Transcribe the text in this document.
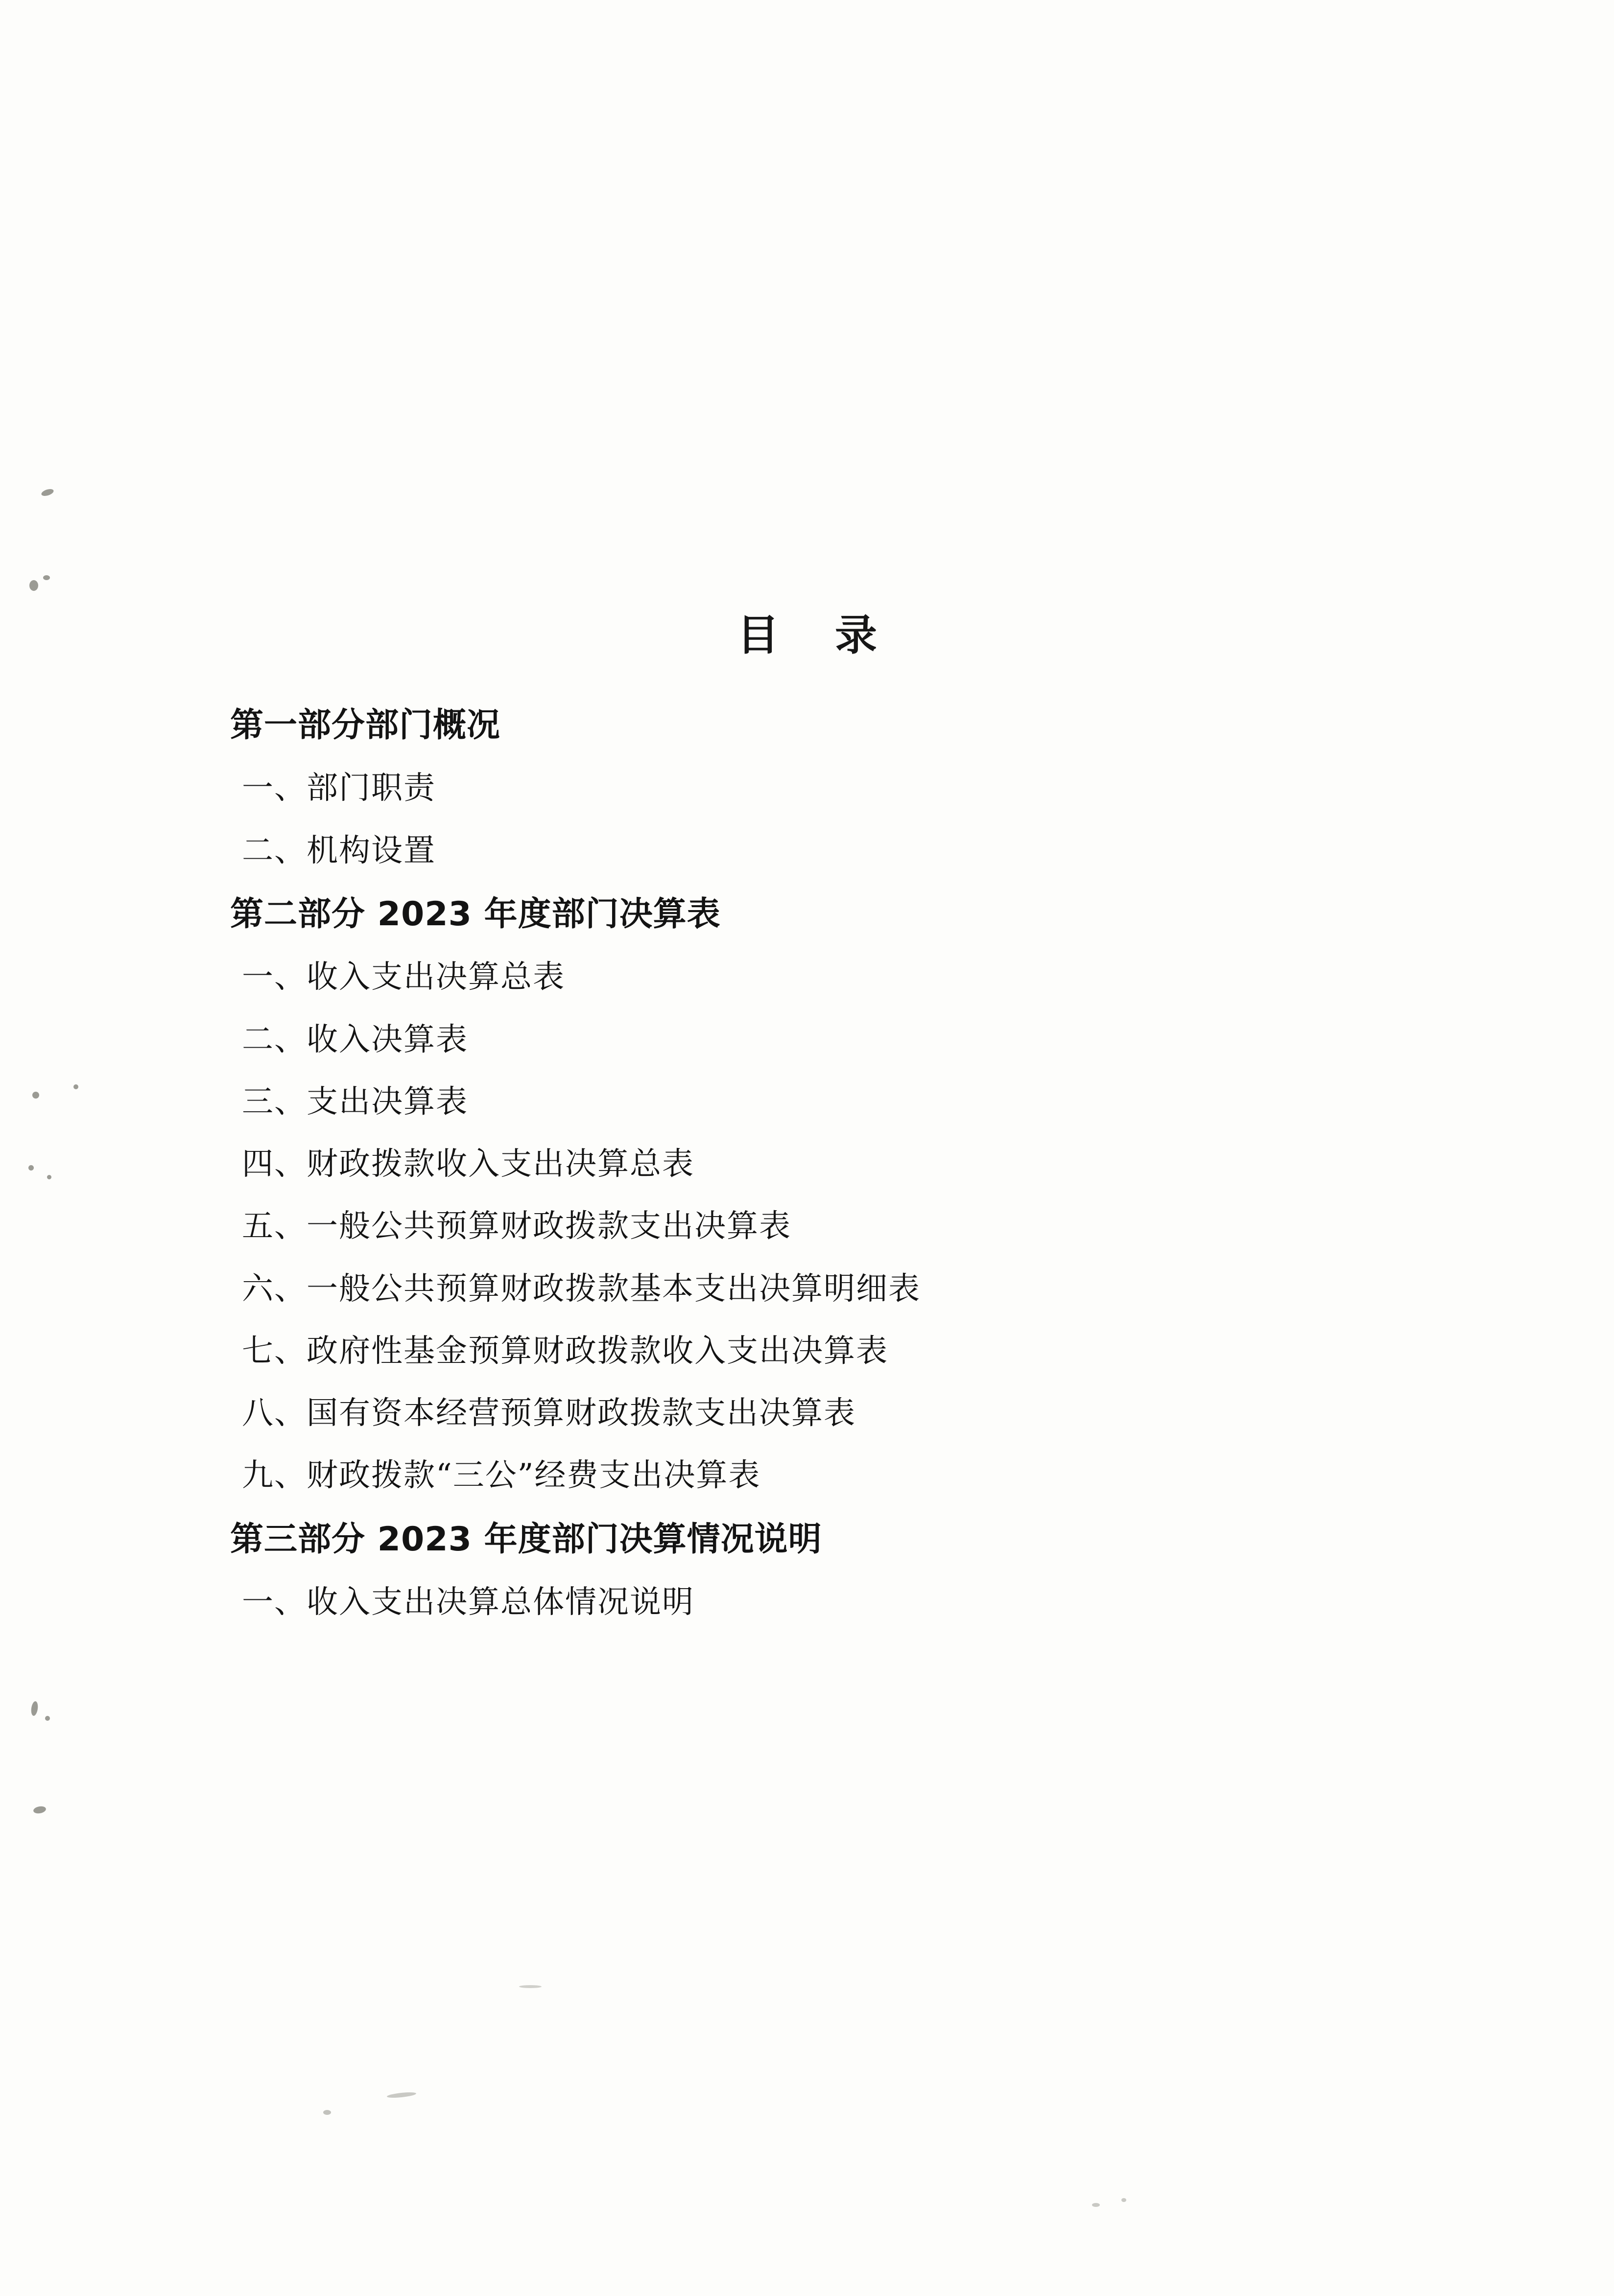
目 录
第一部分部门概况
一、部门职责
二、机构设置
第二部分 2023 年度部门决算表
一、收入支出决算总表
二、收入决算表
三、支出决算表
四、财政拨款收入支出决算总表
五、一般公共预算财政拨款支出决算表
六、一般公共预算财政拨款基本支出决算明细表
七、政府性基金预算财政拨款收入支出决算表
八、国有资本经营预算财政拨款支出决算表
九、财政拨款“三公”经费支出决算表
第三部分 2023 年度部门决算情况说明
一、收入支出决算总体情况说明
